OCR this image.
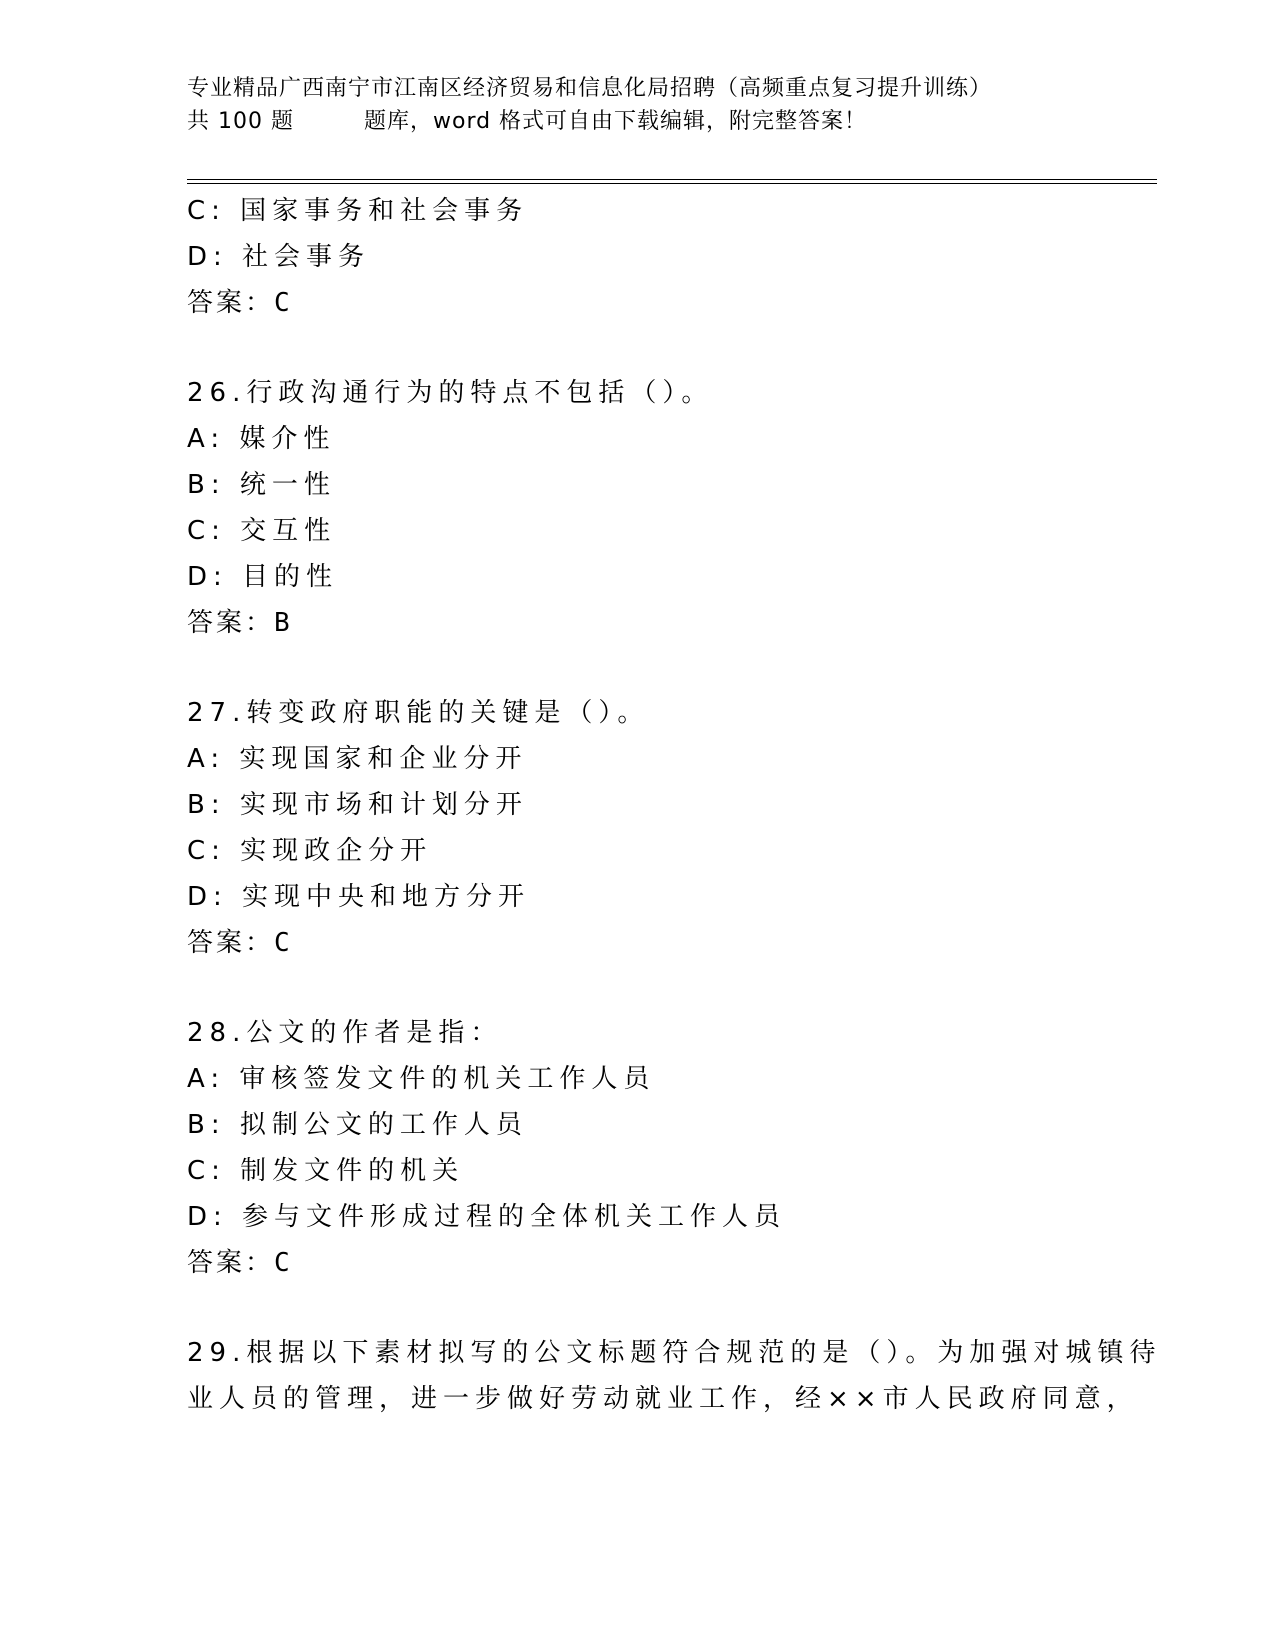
专业精品广西南宁市江南区经济贸易和信息化局招聘（高频重点复习提升训练）
共 100 题	题库，word 格式可自由下载编辑，附完整答案！
C: 国家事务和社会事务
D: 社会事务
答案：C
26.行政沟通行为的特点不包括（）。
A: 媒介性
B: 统一性
C: 交互性
D: 目的性
答案：B
27.转变政府职能的关键是（）。
A: 实现国家和企业分开
B: 实现市场和计划分开
C: 实现政企分开
D: 实现中央和地方分开
答案：C
28.公文的作者是指：
A: 审核签发文件的机关工作人员
B: 拟制公文的工作人员
C: 制发文件的机关
D: 参与文件形成过程的全体机关工作人员
答案：C
29.根据以下素材拟写的公文标题符合规范的是（）。为加强对城镇待
业人员的管理，进一步做好劳动就业工作，经××市人民政府同意，
